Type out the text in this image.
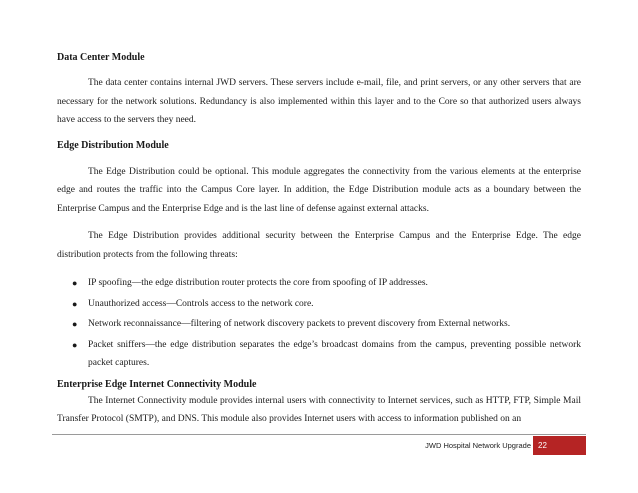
Data Center Module

The data center contains internal JWD servers. These servers include e-mail, file, and print servers, or any other servers that are necessary for the network solutions. Redundancy is also implemented within this layer and to the Core so that authorized users always have access to the servers they need.

Edge Distribution Module

The Edge Distribution could be optional. This module aggregates the connectivity from the various elements at the enterprise edge and routes the traffic into the Campus Core layer. In addition, the Edge Distribution module acts as a boundary between the Enterprise Campus and the Enterprise Edge and is the last line of defense against external attacks.

The Edge Distribution provides additional security between the Enterprise Campus and the Enterprise Edge. The edge distribution protects from the following threats:

● IP spoofing—the edge distribution router protects the core from spoofing of IP addresses.
● Unauthorized access—Controls access to the network core.
● Network reconnaissance—filtering of network discovery packets to prevent discovery from External networks.
● Packet sniffers—the edge distribution separates the edge’s broadcast domains from the campus, preventing possible network packet captures.

Enterprise Edge Internet Connectivity Module

The Internet Connectivity module provides internal users with connectivity to Internet services, such as HTTP, FTP, Simple Mail Transfer Protocol (SMTP), and DNS. This module also provides Internet users with access to information published on an

JWD Hospital Network Upgrade 22
